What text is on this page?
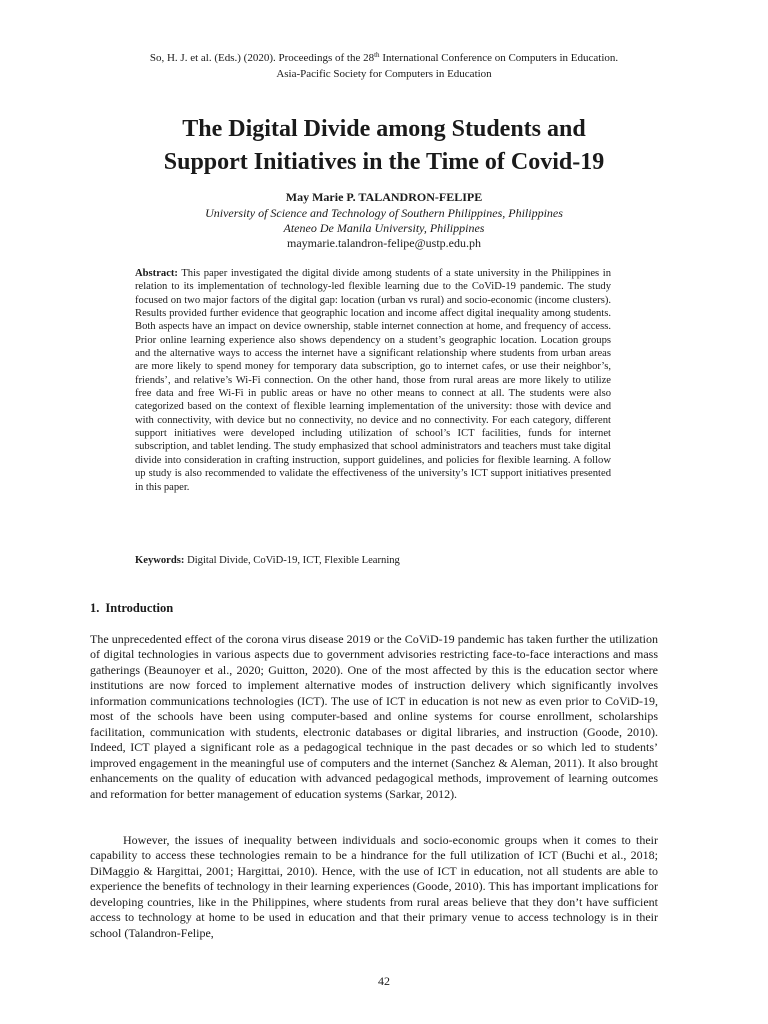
So, H. J. et al. (Eds.) (2020). Proceedings of the 28th International Conference on Computers in Education.
Asia-Pacific Society for Computers in Education
The Digital Divide among Students and
Support Initiatives in the Time of Covid-19
May Marie P. TALANDRON-FELIPE
University of Science and Technology of Southern Philippines, Philippines
Ateneo De Manila University, Philippines
maymarie.talandron-felipe@ustp.edu.ph

Abstract: This paper investigated the digital divide among students of a state university in the Philippines in relation to its implementation of technology-led flexible learning due to the CoViD-19 pandemic. The study focused on two major factors of the digital gap: location (urban vs rural) and socio-economic (income clusters). Results provided further evidence that geographic location and income affect digital inequality among students. Both aspects have an impact on device ownership, stable internet connection at home, and frequency of access. Prior online learning experience also shows dependency on a student’s geographic location. Location groups and the alternative ways to access the internet have a significant relationship where students from urban areas are more likely to spend money for temporary data subscription, go to internet cafes, or use their neighbor’s, friends’, and relative’s Wi-Fi connection. On the other hand, those from rural areas are more likely to utilize free data and free Wi-Fi in public areas or have no other means to connect at all. The students were also categorized based on the context of flexible learning implementation of the university: those with device and with connectivity, with device but no connectivity, no device and no connectivity. For each category, different support initiatives were developed including utilization of school’s ICT facilities, funds for internet subscription, and tablet lending. The study emphasized that school administrators and teachers must take digital divide into consideration in crafting instruction, support guidelines, and policies for flexible learning. A follow up study is also recommended to validate the effectiveness of the university’s ICT support initiatives presented in this paper.

Keywords: Digital Divide, CoViD-19, ICT, Flexible Learning

1. Introduction

The unprecedented effect of the corona virus disease 2019 or the CoViD-19 pandemic has taken further the utilization of digital technologies in various aspects due to government advisories restricting face-to-face interactions and mass gatherings (Beaunoyer et al., 2020; Guitton, 2020). One of the most affected by this is the education sector where institutions are now forced to implement alternative modes of instruction delivery which significantly involves information communications technologies (ICT). The use of ICT in education is not new as even prior to CoViD-19, most of the schools have been using computer-based and online systems for course enrollment, scholarships facilitation, communication with students, electronic databases or digital libraries, and instruction (Goode, 2010). Indeed, ICT played a significant role as a pedagogical technique in the past decades or so which led to students’ improved engagement in the meaningful use of computers and the internet (Sanchez & Aleman, 2011). It also brought enhancements on the quality of education with advanced pedagogical methods, improvement of learning outcomes and reformation for better management of education systems (Sarkar, 2012).

However, the issues of inequality between individuals and socio-economic groups when it comes to their capability to access these technologies remain to be a hindrance for the full utilization of ICT (Buchi et al., 2018; DiMaggio & Hargittai, 2001; Hargittai, 2010). Hence, with the use of ICT in education, not all students are able to experience the benefits of technology in their learning experiences (Goode, 2010). This has important implications for developing countries, like in the Philippines, where students from rural areas believe that they don’t have sufficient access to technology at home to be used in education and that their primary venue to access technology is in their school (Talandron-Felipe,

42
